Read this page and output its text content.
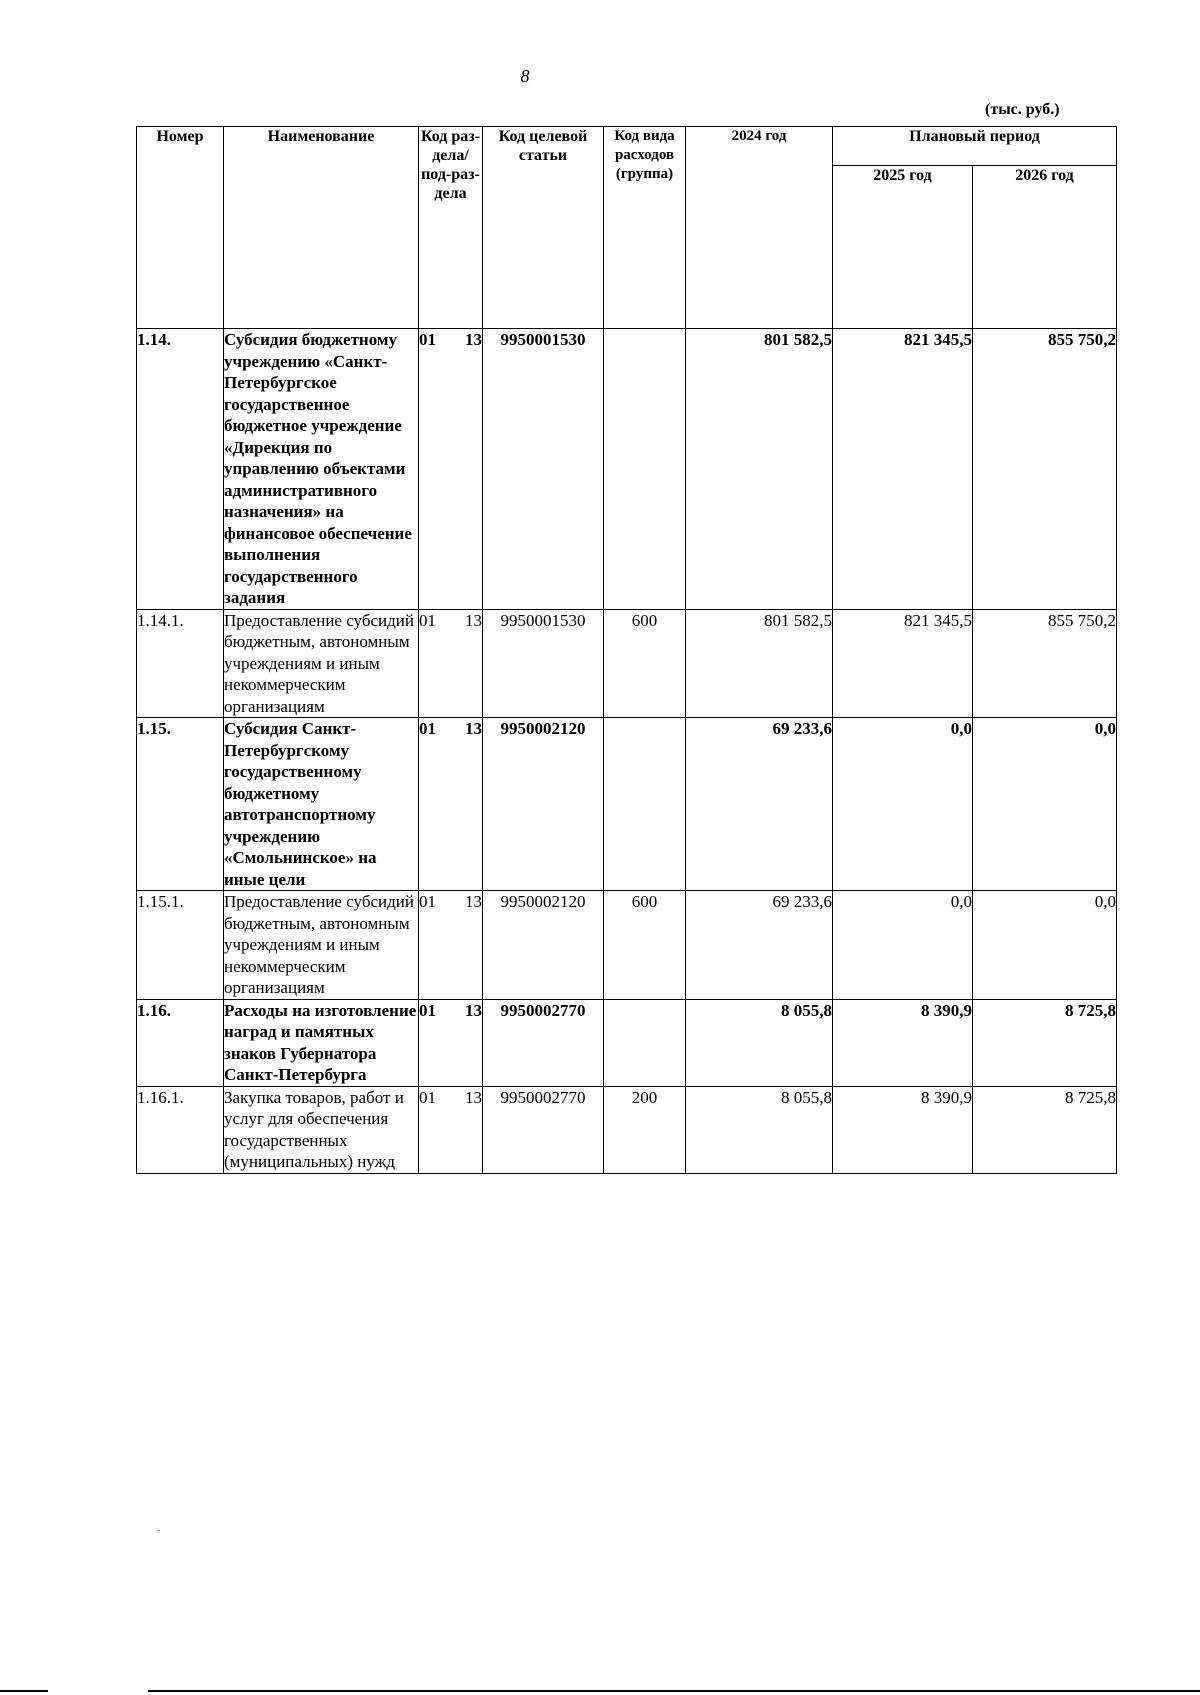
8
(тыс. руб.)
Номер	Наименование	Код раз-дела/ под-раз-дела	Код целевой статьи	Код вида расходов (группа)	2024 год	Плановый период	
						2025 год	2026 год
1.14.	Субсидия бюджетному учреждению «Санкт-Петербургское государственное бюджетное учреждение «Дирекция по управлению объектами административного назначения» на финансовое обеспечение выполнения государственного задания	01 13	9950001530		801 582,5	821 345,5	855 750,2
1.14.1.	Предоставление субсидий бюджетным, автономным учреждениям и иным некоммерческим организациям	01 13	9950001530	600	801 582,5	821 345,5	855 750,2
1.15.	Субсидия Санкт-Петербургскому государственному бюджетному автотранспортному учреждению «Смольнинское» на иные цели	01 13	9950002120		69 233,6	0,0	0,0
1.15.1.	Предоставление субсидий бюджетным, автономным учреждениям и иным некоммерческим организациям	01 13	9950002120	600	69 233,6	0,0	0,0
1.16.	Расходы на изготовление наград и памятных знаков Губернатора Санкт-Петербурга	01 13	9950002770		8 055,8	8 390,9	8 725,8
1.16.1.	Закупка товаров, работ и услуг для обеспечения государственных (муниципальных) нужд	01 13	9950002770	200	8 055,8	8 390,9	8 725,8
